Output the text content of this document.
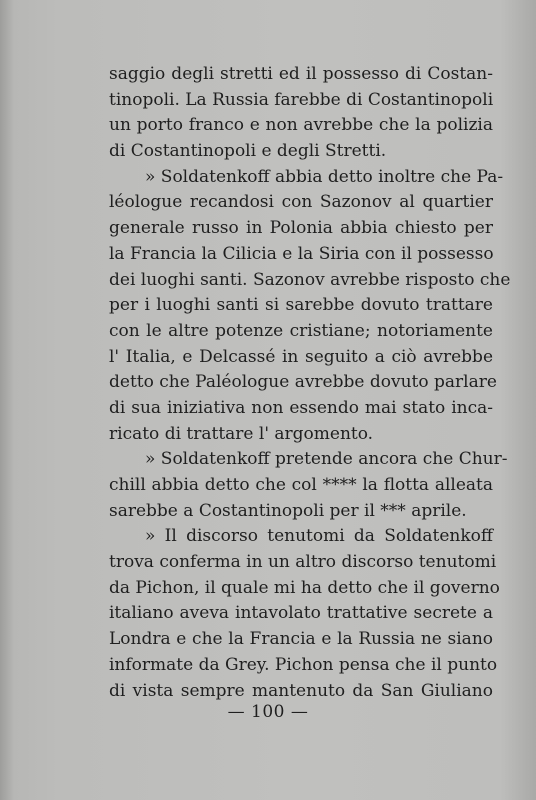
saggio degli stretti ed il possesso di Costan-
tinopoli. La Russia farebbe di Costantinopoli
un porto franco e non avrebbe che la polizia
di Costantinopoli e degli Stretti.
» Soldatenkoff abbia detto inoltre che Pa-
léologue recandosi con Sazonov al quartier
generale russo in Polonia abbia chiesto per
la Francia la Cilicia e la Siria con il possesso
dei luoghi santi. Sazonov avrebbe risposto che
per i luoghi santi si sarebbe dovuto trattare
con le altre potenze cristiane; notoriamente
l' Italia, e Delcassé in seguito a ciò avrebbe
detto che Paléologue avrebbe dovuto parlare
di sua iniziativa non essendo mai stato inca-
ricato di trattare l' argomento.
» Soldatenkoff pretende ancora che Chur-
chill abbia detto che col **** la flotta alleata
sarebbe a Costantinopoli per il *** aprile.
» Il discorso tenutomi da Soldatenkoff
trova conferma in un altro discorso tenutomi
da Pichon, il quale mi ha detto che il governo
italiano aveva intavolato trattative secrete a
Londra e che la Francia e la Russia ne siano
informate da Grey. Pichon pensa che il punto
di vista sempre mantenuto da San Giuliano
— 100 —
